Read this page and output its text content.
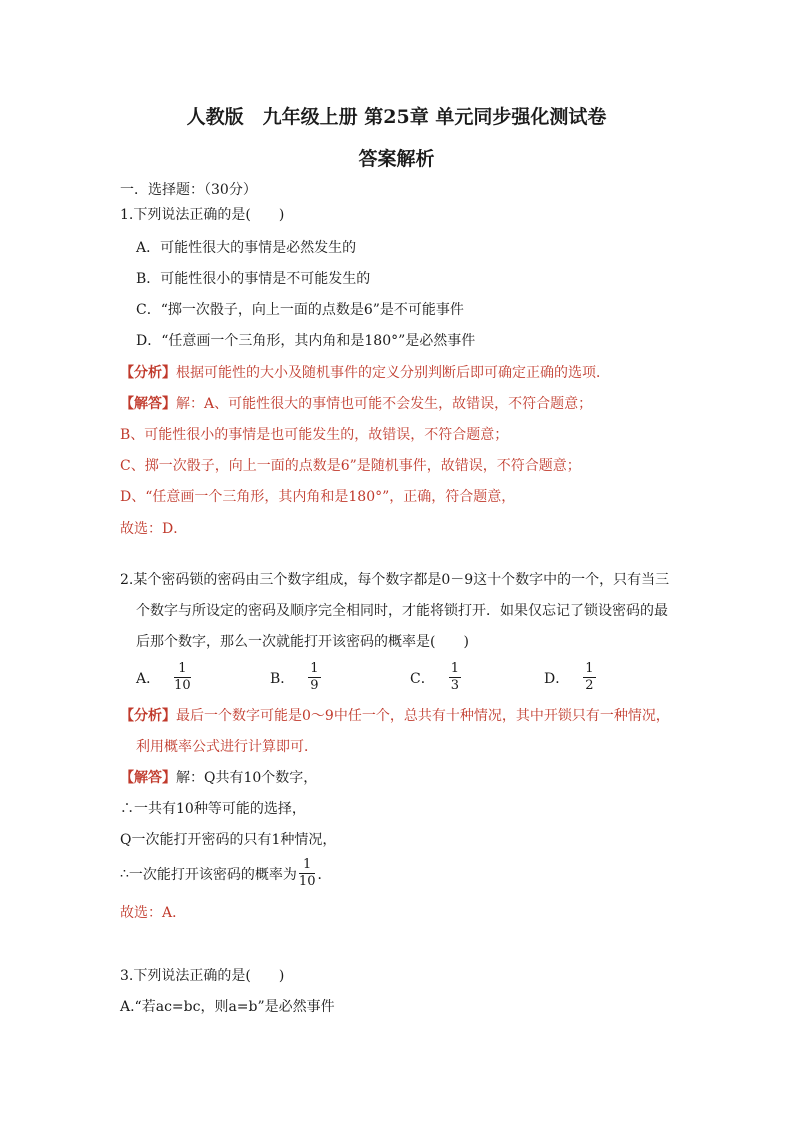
人教版　九年级上册 第25章 单元同步强化测试卷
答案解析
一．选择题：（30分）
1.下列说法正确的是(　　)
A．可能性很大的事情是必然发生的
B．可能性很小的事情是不可能发生的
C．“掷一次骰子，向上一面的点数是6”是不可能事件
D．“任意画一个三角形，其内角和是180°”是必然事件
【分析】根据可能性的大小及随机事件的定义分别判断后即可确定正确的选项．
【解答】解：A、可能性很大的事情也可能不会发生，故错误，不符合题意；
B、可能性很小的事情是也可能发生的，故错误，不符合题意；
C、掷一次骰子，向上一面的点数是6”是随机事件，故错误，不符合题意；
D、“任意画一个三角形，其内角和是180°”，正确，符合题意，
故选：D．
2.某个密码锁的密码由三个数字组成，每个数字都是0－9这十个数字中的一个，只有当三
个数字与所设定的密码及顺序完全相同时，才能将锁打开．如果仅忘记了锁设密码的最
后那个数字，那么一次就能打开该密码的概率是(　　)
A． $\frac{1}{10}$	B． $\frac{1}{9}$	C． $\frac{1}{3}$	D． $\frac{1}{2}$
【分析】最后一个数字可能是0～9中任一个，总共有十种情况，其中开锁只有一种情况，
利用概率公式进行计算即可．
【解答】解：Q共有10个数字，
∴一共有10种等可能的选择，
Q一次能打开密码的只有1种情况，
∴ 一次能打开该密码的概率为 $\frac{1}{10}$ ．
故选：A．
3.下列说法正确的是(　　)
A.“若ac=bc，则a=b”是必然事件
